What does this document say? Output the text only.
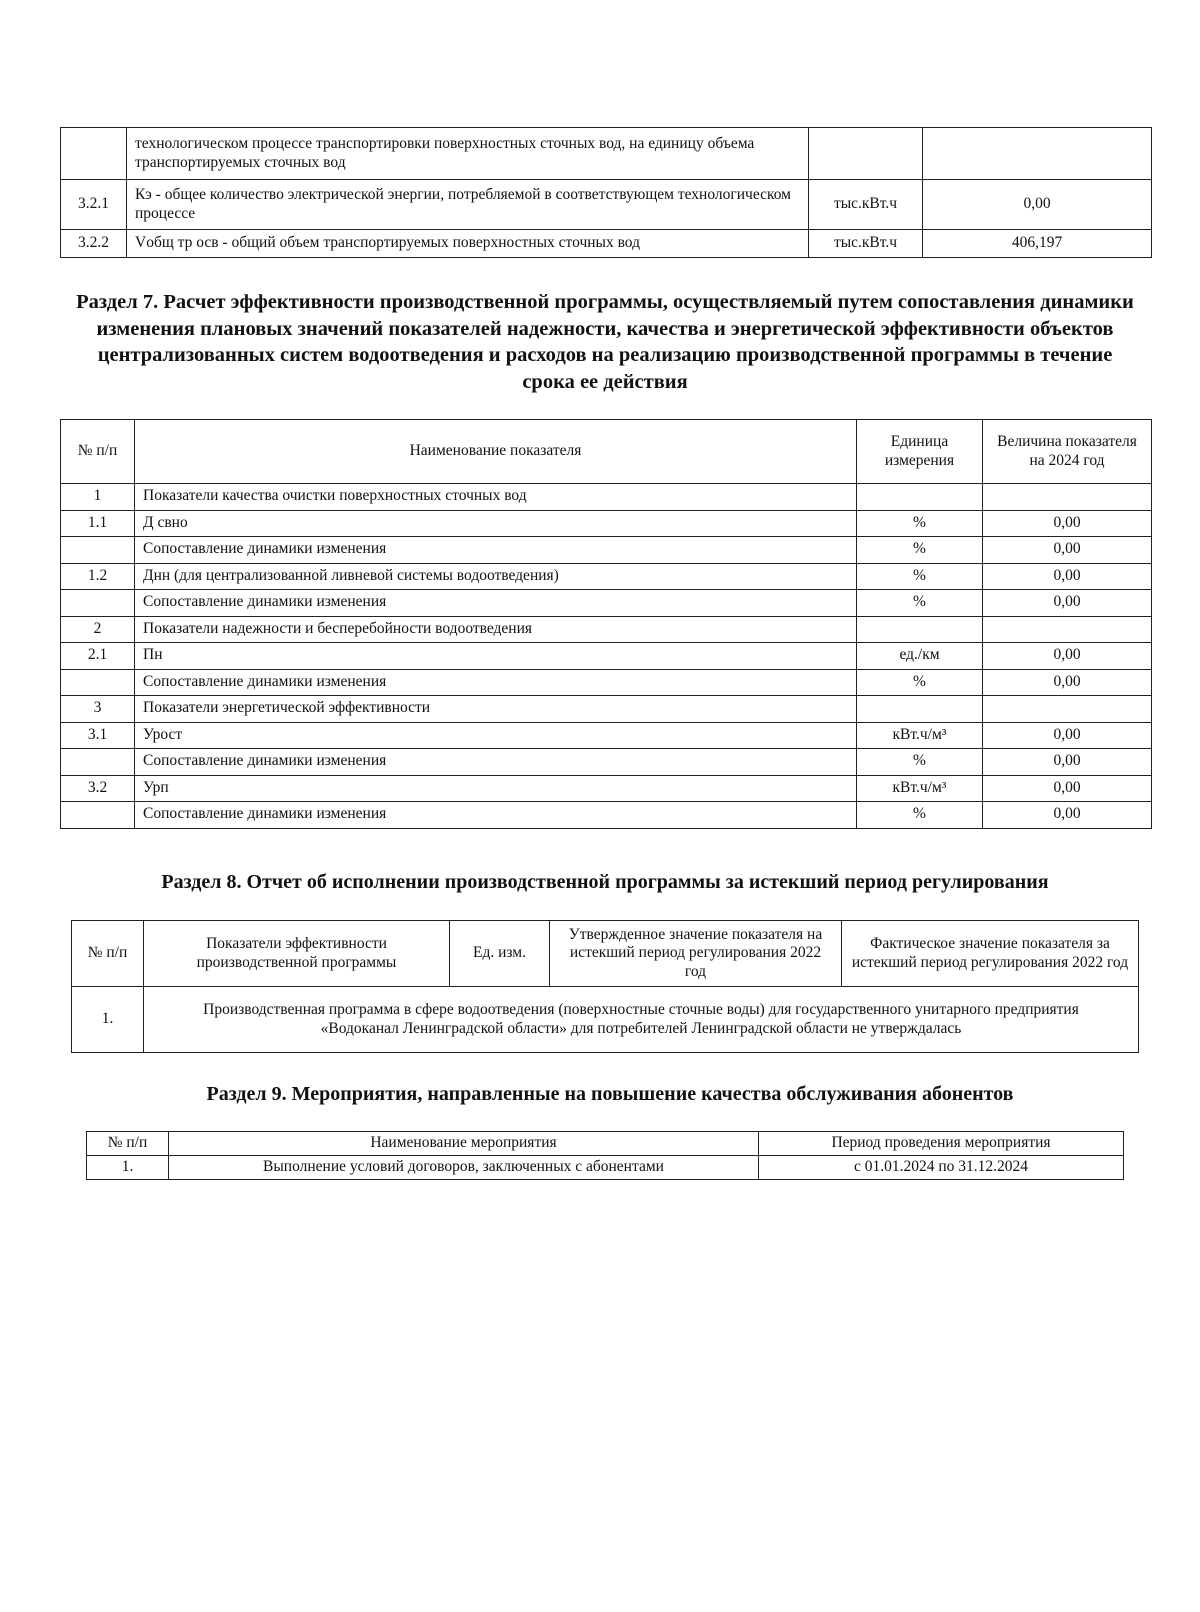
	технологическом процессе транспортировки поверхностных сточных вод, на единицу объема транспортируемых сточных вод		
3.2.1	Кэ - общее количество электрической энергии, потребляемой в соответствующем технологическом процессе	тыс.кВт.ч	0,00
3.2.2	Vобщ тр осв - общий объем транспортируемых поверхностных сточных вод	тыс.кВт.ч	406,197
Раздел 7. Расчет эффективности производственной программы, осуществляемый путем сопоставления динамики изменения плановых значений показателей надежности, качества и энергетической эффективности объектов централизованных систем водоотведения и расходов на реализацию производственной программы в течение срока ее действия
№ п/п	Наименование показателя	Единица измерения	Величина показателя на 2024 год
1	Показатели качества очистки поверхностных сточных вод		
1.1	Д свно	%	0,00
	Сопоставление динамики изменения	%	0,00
1.2	Днн (для централизованной ливневой системы водоотведения)	%	0,00
	Сопоставление динамики изменения	%	0,00
2	Показатели надежности и бесперебойности водоотведения		
2.1	Пн	ед./км	0,00
	Сопоставление динамики изменения	%	0,00
3	Показатели энергетической эффективности		
3.1	Урост	кВт.ч/м³	0,00
	Сопоставление динамики изменения	%	0,00
3.2	Урп	кВт.ч/м³	0,00
	Сопоставление динамики изменения	%	0,00
Раздел 8. Отчет об исполнении производственной программы за истекший период регулирования
№ п/п	Показатели эффективности производственной программы	Ед. изм.	Утвержденное значение показателя на истекший период регулирования 2022 год	Фактическое значение показателя за истекший период регулирования 2022 год
1.	Производственная программа в сфере водоотведения (поверхностные сточные воды) для государственного унитарного предприятия «Водоканал Ленинградской области» для потребителей Ленинградской области не утверждалась			
Раздел 9. Мероприятия, направленные на повышение качества обслуживания абонентов
№ п/п	Наименование мероприятия	Период проведения мероприятия
1.	Выполнение условий договоров, заключенных с абонентами	с 01.01.2024 по 31.12.2024
